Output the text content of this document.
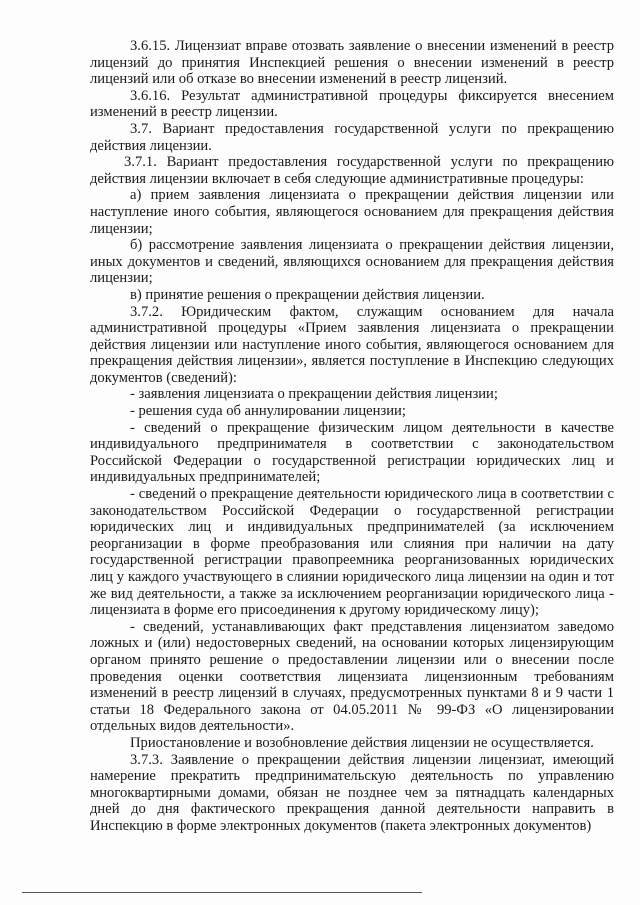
3.6.15. Лицензиат вправе отозвать заявление о внесении изменений в реестр лицензий до принятия Инспекцией решения о внесении изменений в реестр лицензий или об отказе во внесении изменений в реестр лицензий.

3.6.16. Результат административной процедуры фиксируется внесением изменений в реестр лицензии.

3.7. Вариант предоставления государственной услуги по прекращению действия лицензии.

3.7.1. Вариант предоставления государственной услуги по прекращению действия лицензии включает в себя следующие административные процедуры:

а) прием заявления лицензиата о прекращении действия лицензии или наступление иного события, являющегося основанием для прекращения действия лицензии;

б) рассмотрение заявления лицензиата о прекращении действия лицензии, иных документов и сведений, являющихся основанием для прекращения действия лицензии;

в) принятие решения о прекращении действия лицензии.

3.7.2. Юридическим фактом, служащим основанием для начала административной процедуры «Прием заявления лицензиата о прекращении действия лицензии или наступление иного события, являющегося основанием для прекращения действия лицензии», является поступление в Инспекцию следующих документов (сведений):

- заявления лицензиата о прекращении действия лицензии;

- решения суда об аннулировании лицензии;

- сведений о прекращение физическим лицом деятельности в качестве индивидуального предпринимателя в соответствии с законодательством Российской Федерации о государственной регистрации юридических лиц и индивидуальных предпринимателей;

- сведений о прекращение деятельности юридического лица в соответствии с законодательством Российской Федерации о государственной регистрации юридических лиц и индивидуальных предпринимателей (за исключением реорганизации в форме преобразования или слияния при наличии на дату государственной регистрации правопреемника реорганизованных юридических лиц у каждого участвующего в слиянии юридического лица лицензии на один и тот же вид деятельности, а также за исключением реорганизации юридического лица - лицензиата в форме его присоединения к другому юридическому лицу);

- сведений, устанавливающих факт представления лицензиатом заведомо ложных и (или) недостоверных сведений, на основании которых лицензирующим органом принято решение о предоставлении лицензии или о внесении после проведения оценки соответствия лицензиата лицензионным требованиям изменений в реестр лицензий в случаях, предусмотренных пунктами 8 и 9 части 1 статьи 18 Федерального закона от 04.05.2011 № 99-ФЗ «О лицензировании отдельных видов деятельности».

Приостановление и возобновление действия лицензии не осуществляется.

3.7.3. Заявление о прекращении действия лицензии лицензиат, имеющий намерение прекратить предпринимательскую деятельность по управлению многоквартирными домами, обязан не позднее чем за пятнадцать календарных дней до дня фактического прекращения данной деятельности направить в Инспекцию в форме электронных документов (пакета электронных документов)
